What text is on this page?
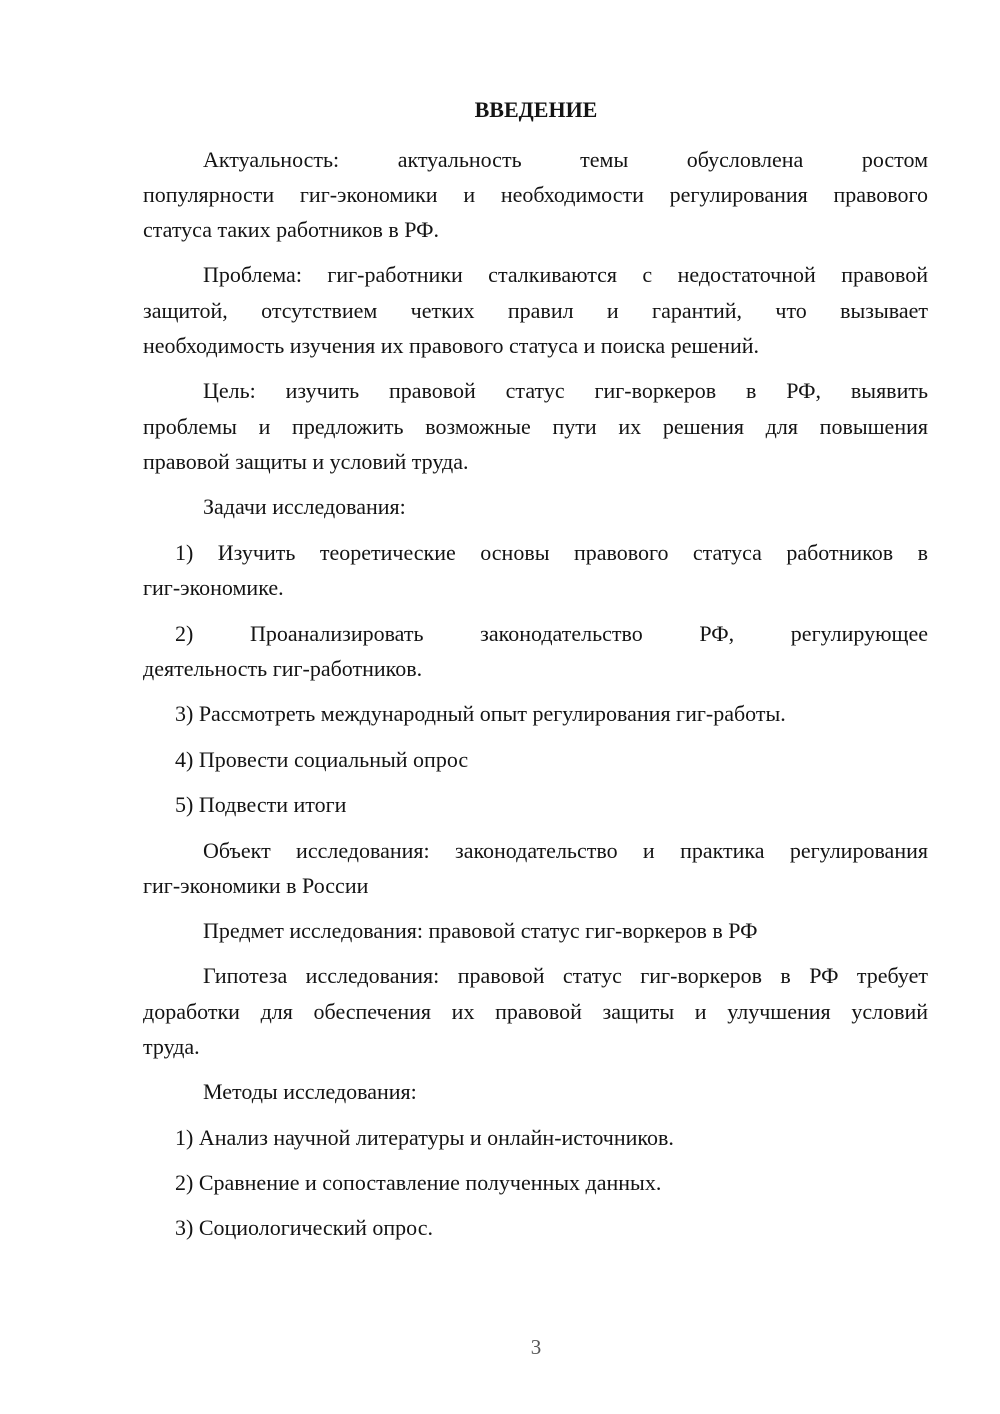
ВВЕДЕНИЕ
Актуальность: актуальность темы обусловлена ростом
популярности гиг-экономики и необходимости регулирования правового
статуса таких работников в РФ.
Проблема: гиг-работники сталкиваются с недостаточной правовой
защитой, отсутствием четких правил и гарантий, что вызывает
необходимость изучения их правового статуса и поиска решений.
Цель: изучить правовой статус гиг-воркеров в РФ, выявить
проблемы и предложить возможные пути их решения для повышения
правовой защиты и условий труда.
Задачи исследования:
1) Изучить теоретические основы правового статуса работников в
гиг-экономике.
2) Проанализировать законодательство РФ, регулирующее
деятельность гиг-работников.
3) Рассмотреть международный опыт регулирования гиг-работы.
4) Провести социальный опрос
5) Подвести итоги
Объект исследования: законодательство и практика регулирования
гиг-экономики в России
Предмет исследования: правовой статус гиг-воркеров в РФ
Гипотеза исследования: правовой статус гиг-воркеров в РФ требует
доработки для обеспечения их правовой защиты и улучшения условий
труда.
Методы исследования:
1) Анализ научной литературы и онлайн-источников.
2) Сравнение и сопоставление полученных данных.
3) Социологический опрос.
3
